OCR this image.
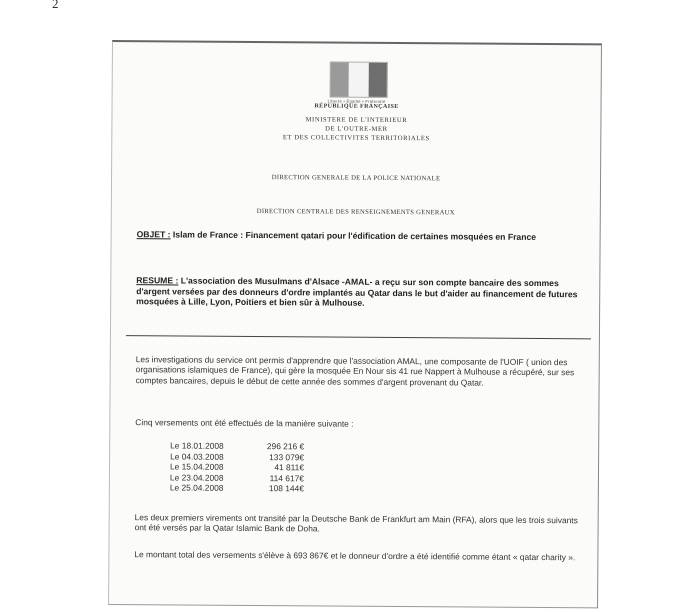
2
Liberté • Égalité • Fraternité
RÉPUBLIQUE FRANÇAISE
MINISTERE DE L'INTERIEUR
DE L'OUTRE-MER
ET DES COLLECTIVITES TERRITORIALES
DIRECTION GENERALE DE LA POLICE NATIONALE
DIRECTION CENTRALE DES RENSEIGNEMENTS GENERAUX
OBJET : Islam de France : Financement qatari pour l'édification de certaines mosquées en France
RESUME : L'association des Musulmans d'Alsace -AMAL- a reçu sur son compte bancaire des sommes d'argent versées par des donneurs d'ordre implantés au Qatar dans le but d'aider au financement de futures mosquées à Lille, Lyon, Poitiers et bien sûr à Mulhouse.
Les investigations du service ont permis d'apprendre que l'association AMAL, une composante de l'UOIF ( union des organisations islamiques de France), qui gère la mosquée En Nour sis 41 rue Nappert à Mulhouse a récupéré, sur ses comptes bancaires, depuis le début de cette année des sommes d'argent provenant du Qatar.
Cinq versements ont été effectués de la manière suivante :
Le 18.01.2008	296 216 €
Le 04.03.2008	133 079€
Le 15.04.2008	41 811€
Le 23.04.2008	114 617€
Le 25.04.2008	108 144€
Les deux premiers virements ont transité par la Deutsche Bank de Frankfurt am Main (RFA), alors que les trois suivants ont été versés par la Qatar Islamic Bank de Doha.
Le montant total des versements s'élève à 693 867€ et le donneur d'ordre a été identifié comme étant « qatar charity ».
